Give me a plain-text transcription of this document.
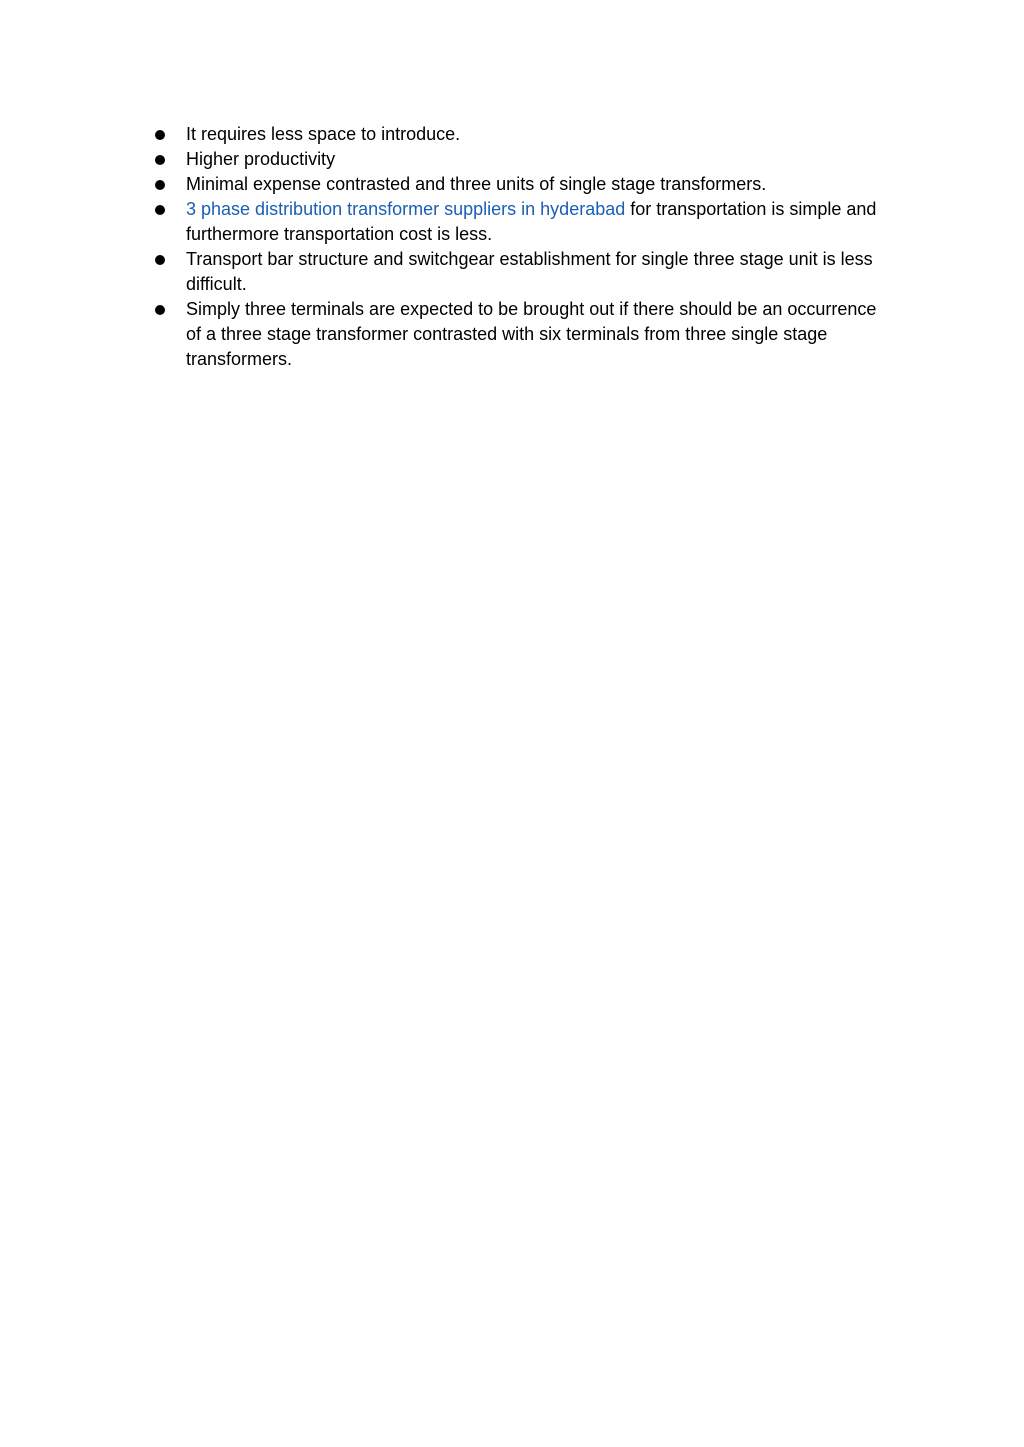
It requires less space to introduce.
Higher productivity
Minimal expense contrasted and three units of single stage transformers.
3 phase distribution transformer suppliers in hyderabad for transportation is simple and furthermore transportation cost is less.
Transport bar structure and switchgear establishment for single three stage unit is less difficult.
Simply three terminals are expected to be brought out if there should be an occurrence of a three stage transformer contrasted with six terminals from three single stage transformers.
